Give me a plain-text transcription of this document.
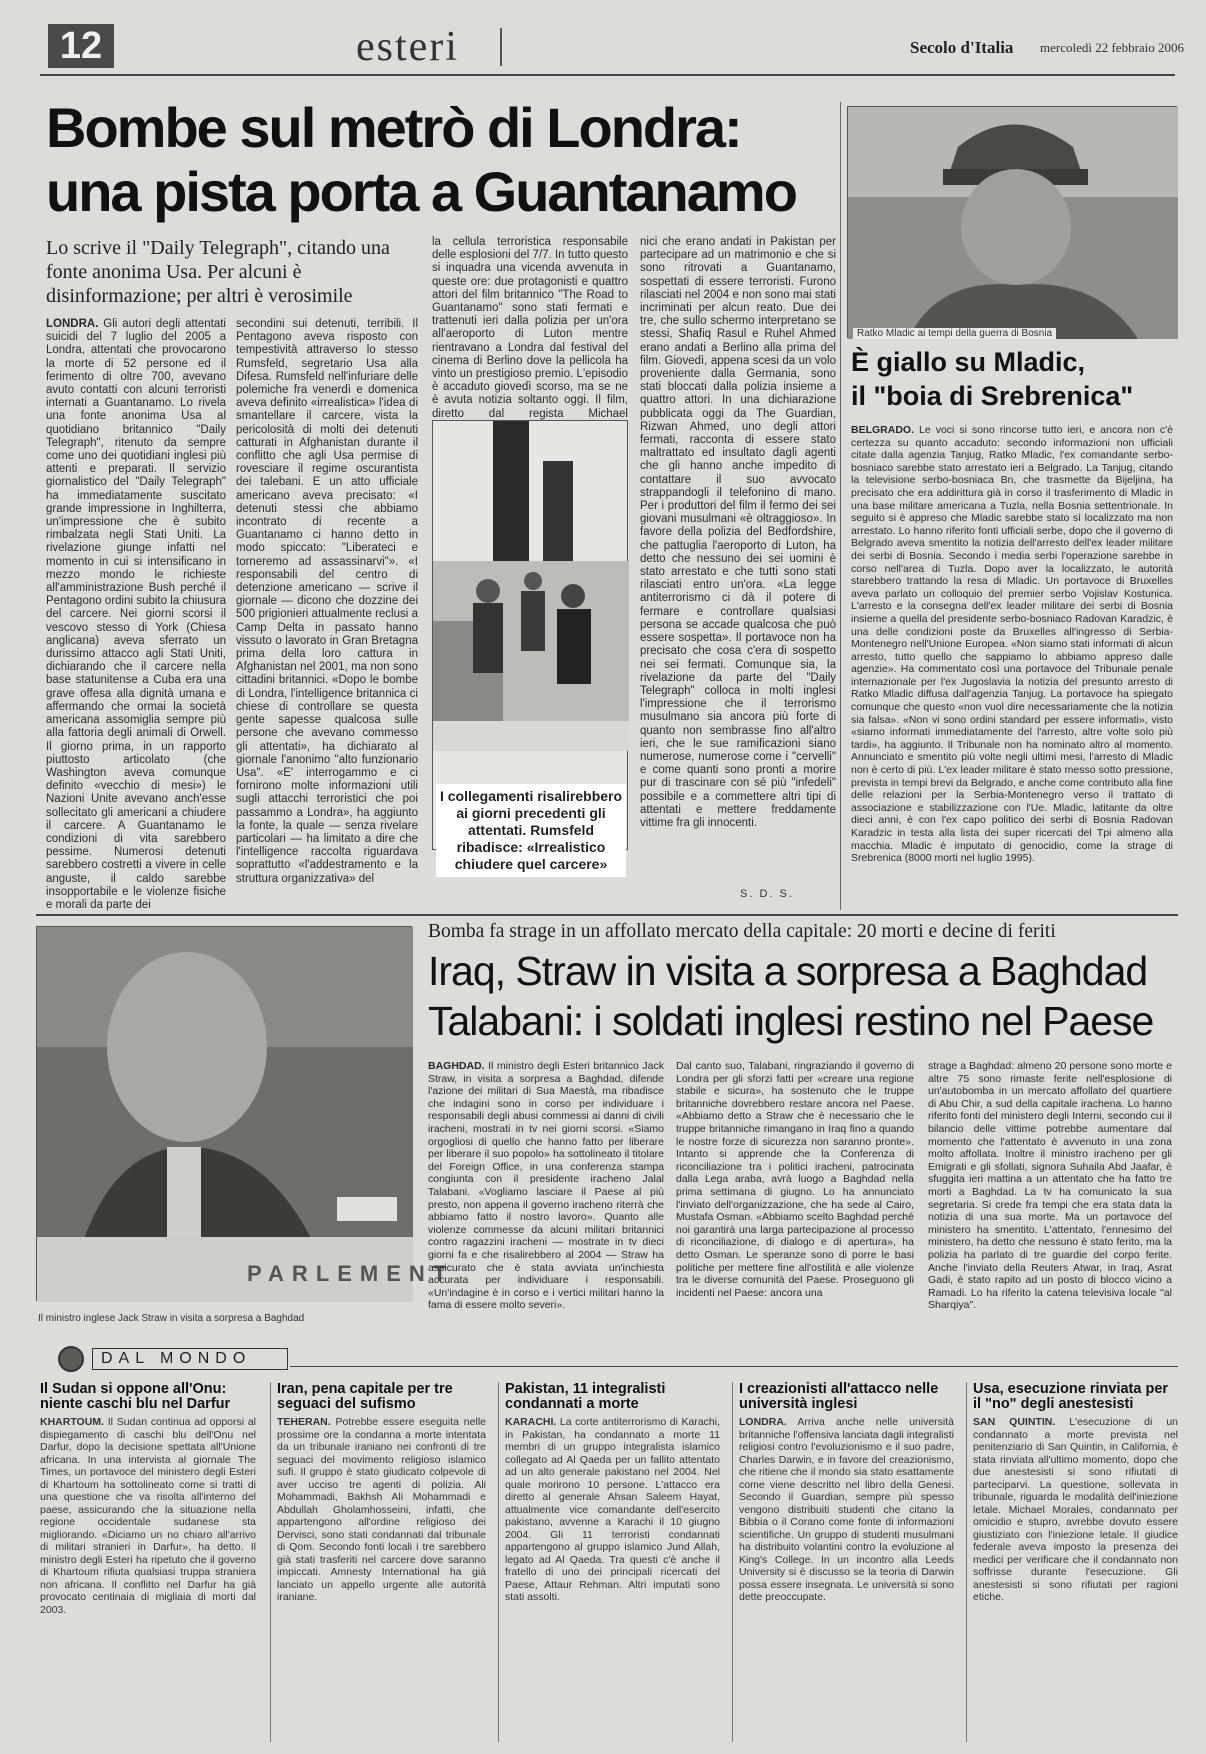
12	esteri	Secolo d'Italia mercoledì 22 febbraio 2006
Bombe sul metrò di Londra:
una pista porta a Guantanamo
Lo scrive il "Daily Telegraph", citando una fonte anonima Usa. Per alcuni è disinformazione; per altri è verosimile
LONDRA. Gli autori degli attentati suicidi del 7 luglio del 2005 a Londra, attentati che provocarono la morte di 52 persone ed il ferimento di oltre 700, avevano avuto contatti con alcuni terroristi internati a Guantanamo. Lo rivela una fonte anonima Usa al quotidiano britannico "Daily Telegraph", ritenuto da sempre come uno dei quotidiani inglesi più attenti e preparati. Il servizio giornalistico del "Daily Telegraph" ha immediatamente suscitato grande impressione in Inghilterra, un'impressione che è subito rimbalzata negli Stati Uniti. La rivelazione giunge infatti nel momento in cui si intensificano in mezzo mondo le richieste all'amministrazione Bush perché il Pentagono ordini subito la chiusura del carcere. Nei giorni scorsi il vescovo stesso di York (Chiesa anglicana) aveva sferrato un durissimo attacco agli Stati Uniti, dichiarando che il carcere nella base statunitense a Cuba era una grave offesa alla dignità umana e affermando che ormai la società americana assomiglia sempre più alla fattoria degli animali di Orwell. Il giorno prima, in un rapporto piuttosto articolato (che Washington aveva comunque definito «vecchio di mesi») le Nazioni Unite avevano anch'esse sollecitato gli americani a chiudere il carcere. A Guantanamo le condizioni di vita sarebbero pessime. Numerosi detenuti sarebbero costretti a vivere in celle anguste, il caldo sarebbe insopportabile e le violenze fisiche e morali da parte dei
secondini sui detenuti, terribili. Il Pentagono aveva risposto con tempestività attraverso lo stesso Rumsfeld, segretario Usa alla Difesa. Rumsfeld nell'infuriare delle polemiche fra venerdì e domenica aveva definito «irrealistica» l'idea di smantellare il carcere, vista la pericolosità di molti dei detenuti catturati in Afghanistan durante il conflitto che agli Usa permise di rovesciare il regime oscurantista dei talebani. E un atto ufficiale americano aveva precisato: «I detenuti stessi che abbiamo incontrato di recente a Guantanamo ci hanno detto in modo spiccato: "Liberateci e torneremo ad assassinarvi"». «I responsabili del centro di detenzione americano — scrive il giornale — dicono che dozzine dei 500 prigionieri attualmente reclusi a Camp Delta in passato hanno vissuto o lavorato in Gran Bretagna prima della loro cattura in Afghanistan nel 2001, ma non sono cittadini britannici. «Dopo le bombe di Londra, l'intelligence britannica ci chiese di controllare se questa gente sapesse qualcosa sulle persone che avevano commesso gli attentati», ha dichiarato al giornale l'anonimo "alto funzionario Usa". «E' interrogammo e ci fornirono molte informazioni utili sugli attacchi terroristici che poi passammo a Londra», ha aggiunto la fonte, la quale — senza rivelare particolari — ha limitato a dire che l'intelligence raccolta riguardava soprattutto «l'addestramento e la struttura organizzativa» del
la cellula terroristica responsabile delle esplosioni del 7/7. In tutto questo si inquadra una vicenda avvenuta in queste ore: due protagonisti e quattro attori del film britannico "The Road to Guantanamo" sono stati fermati e trattenuti ieri dalla polizia per un'ora all'aeroporto di Luton mentre rientravano a Londra dal festival del cinema di Berlino dove la pellicola ha vinto un prestigioso premio. L'episodio è accaduto giovedì scorso, ma se ne è avuta notizia soltanto oggi. Il film, diretto dal regista Michael
I collegamenti risalirebbero ai giorni precedenti gli attentati. Rumsfeld ribadisce: «Irrealistico chiudere quel carcere»
nici che erano andati in Pakistan per partecipare ad un matrimonio e che si sono ritrovati a Guantanamo, sospettati di essere terroristi. Furono rilasciati nel 2004 e non sono mai stati incriminati per alcun reato. Due dei tre, che sullo schermo interpretano se stessi, Shafiq Rasul e Ruhel Ahmed erano andati a Berlino alla prima del film. Giovedì, appena scesi da un volo proveniente dalla Germania, sono stati bloccati dalla polizia insieme a quattro attori. In una dichiarazione pubblicata oggi da The Guardian, Rizwan Ahmed, uno degli attori fermati, racconta di essere stato maltrattato ed insultato dagli agenti che gli hanno anche impedito di contattare il suo avvocato strappandogli il telefonino di mano. Per i produttori del film il fermo dei sei giovani musulmani «è oltraggioso». In favore della polizia del Bedfordshire, che pattuglia l'aeroporto di Luton, ha detto che nessuno dei sei uomini è stato arrestato e che tutti sono stati rilasciati entro un'ora. «La legge antiterrorismo ci dà il potere di fermare e controllare qualsiasi persona se accade qualcosa che può essere sospetta». Il portavoce non ha precisato che cosa c'era di sospetto nei sei fermati. Comunque sia, la rivelazione da parte del "Daily Telegraph" colloca in molti inglesi l'impressione che il terrorismo musulmano sia ancora più forte di quanto non sembrasse fino all'altro ieri, che le sue ramificazioni siano numerose, numerose come i "cervelli" e come quanti sono pronti a morire pur di trascinare con sé più "infedeli" possibile e a commettere altri tipi di attentati e mettere freddamente vittime fra gli innocenti.
S. D. S.
Ratko Mladic ai tempi della guerra di Bosnia
È giallo su Mladic,
il "boia di Srebrenica"
BELGRADO. Le voci si sono rincorse tutto ieri, e ancora non c'è certezza su quanto accaduto: secondo informazioni non ufficiali citate dalla agenzia Tanjug, Ratko Mladic, l'ex comandante serbo-bosniaco sarebbe stato arrestato ieri a Belgrado. La Tanjug, citando la televisione serbo-bosniaca Bn, che trasmette da Bijeljina, ha precisato che era addirittura già in corso il trasferimento di Mladic in una base militare americana a Tuzla, nella Bosnia settentrionale. In seguito si è appreso che Mladic sarebbe stato sì localizzato ma non arrestato. Lo hanno riferito fonti ufficiali serbe, dopo che il governo di Belgrado aveva smentito la notizia dell'arresto dell'ex leader militare dei serbi di Bosnia. Secondo i media serbi l'operazione sarebbe in corso nell'area di Tuzla. Dopo aver la localizzato, le autorità starebbero trattando la resa di Mladic. Un portavoce di Bruxelles aveva parlato un colloquio del premier serbo Vojislav Kostunica. L'arresto e la consegna dell'ex leader militare dei serbi di Bosnia insieme a quella del presidente serbo-bosniaco Radovan Karadzic, è una delle condizioni poste da Bruxelles all'ingresso di Serbia-Montenegro nell'Unione Europea. «Non siamo stati informati di alcun arresto, tutto quello che sappiamo lo abbiamo appreso dalle agenzie». Ha commentato così una portavoce del Tribunale penale internazionale per l'ex Jugoslavia la notizia del presunto arresto di Ratko Mladic diffusa dall'agenzia Tanjug. La portavoce ha spiegato comunque che questo «non vuol dire necessariamente che la notizia sia falsa». «Non vi sono ordini standard per essere informati», visto «siamo informati immediatamente del l'arresto, altre volte solo più tardi», ha aggiunto. Il Tribunale non ha nominato altro al momento. Annunciato e smentito più volte negli ultimi mesi, l'arresto di Mladic non è certo di più. L'ex leader militare è stato messo sotto pressione, prevista in tempi brevi da Belgrado, e anche come contributo alla fine delle relazioni per la Serbia-Montenegro verso il trattato di associazione e stabilizzazione con l'Ue. Mladic, latitante da oltre dieci anni, è con l'ex capo politico dei serbi di Bosnia Radovan Karadzic in testa alla lista dei super ricercati del Tpi almeno alla macchia. Mladic è imputato di genocidio, come la strage di Srebrenica (8000 morti nel luglio 1995).
PARLEMENT
Il ministro inglese Jack Straw in visita a sorpresa a Baghdad
Bomba fa strage in un affollato mercato della capitale: 20 morti e decine di feriti
Iraq, Straw in visita a sorpresa a Baghdad
Talabani: i soldati inglesi restino nel Paese
BAGHDAD. Il ministro degli Esteri britannico Jack Straw, in visita a sorpresa a Baghdad, difende l'azione dei militari di Sua Maestà, ma ribadisce che indagini sono in corso per individuare i responsabili degli abusi commessi ai danni di civili iracheni, mostrati in tv nei giorni scorsi. «Siamo orgogliosi di quello che hanno fatto per liberare per liberare il suo popolo» ha sottolineato il titolare del Foreign Office, in una conferenza stampa congiunta con il presidente iracheno Jalal Talabani. «Vogliamo lasciare il Paese al più presto, non appena il governo iracheno riterrà che abbiamo fatto il nostro lavoro». Quanto alle violenze commesse da alcuni militari britannici contro ragazzini iracheni — mostrate in tv dieci giorni fa e che risalirebbero al 2004 — Straw ha assicurato che è stata avviata un'inchiesta accurata per individuare i responsabili. «Un'indagine è in corso e i vertici militari hanno la fama di essere molto severi».
Dal canto suo, Talabani, ringraziando il governo di Londra per gli sforzi fatti per «creare una regione stabile e sicura», ha sostenuto che le truppe britanniche dovrebbero restare ancora nel Paese. «Abbiamo detto a Straw che è necessario che le truppe britanniche rimangano in Iraq fino a quando le nostre forze di sicurezza non saranno pronte». Intanto si apprende che la Conferenza di riconciliazione tra i politici iracheni, patrocinata dalla Lega araba, avrà luogo a Baghdad nella prima settimana di giugno. Lo ha annunciato l'inviato dell'organizzazione, che ha sede al Cairo, Mustafa Osman. «Abbiamo scelto Baghdad perché noi garantirà una larga partecipazione al processo di riconciliazione, di dialogo e di apertura», ha detto Osman. Le speranze sono di porre le basi politiche per mettere fine all'ostilità e alle violenze tra le diverse comunità del Paese. Proseguono gli incidenti nel Paese: ancora una
strage a Baghdad: almeno 20 persone sono morte e altre 75 sono rimaste ferite nell'esplosione di un'autobomba in un mercato affollato del quartiere di Abu Chir, a sud della capitale irachena. Lo hanno riferito fonti del ministero degli Interni, secondo cui il bilancio delle vittime potrebbe aumentare dal momento che l'attentato è avvenuto in una zona molto affollata. Inoltre il ministro iracheno per gli Emigrati e gli sfollati, signora Suhaila Abd Jaafar, è sfuggita ieri mattina a un attentato che ha fatto tre morti a Baghdad. La tv ha comunicato la sua segretaria. Si crede fra tempi che era stata data la notizia di una sua morte. Ma un portavoce del ministero ha smentito. L'attentato, l'ennesimo del ministero, ha detto che nessuno è stato ferito, ma la polizia ha parlato di tre guardie del corpo ferite. Anche l'inviato della Reuters Atwar, in Iraq, Asrat Gadi, è stato rapito ad un posto di blocco vicino a Ramadi. Lo ha riferito la catena televisiva locale "al Sharqiya".
DAL MONDO
Il Sudan si oppone all'Onu: niente caschi blu nel Darfur

KHARTOUM. Il Sudan continua ad opporsi al dispiegamento di caschi blu dell'Onu nel Darfur, dopo la decisione spettata all'Unione africana. In una intervista al giornale The Times, un portavoce del ministero degli Esteri di Khartoum ha sottolineato come si tratti di una questione che va risolta all'interno del paese, assicurando che la situazione nella regione occidentale sudanese sta migliorando. «Diciamo un no chiaro all'arrivo di militari stranieri in Darfur», ha detto. Il ministro degli Esteri ha ripetuto che il governo di Khartoum rifiuta qualsiasi truppa straniera non africana. Il conflitto nel Darfur ha già provocato centinaia di migliaia di morti dal 2003.

Iran, pena capitale per tre seguaci del sufismo

TEHERAN. Potrebbe essere eseguita nelle prossime ore la condanna a morte intentata da un tribunale iraniano nei confronti di tre seguaci del movimento religioso islamico sufi. Il gruppo è stato giudicato colpevole di aver ucciso tre agenti di polizia. Ali Mohammadi, Bakhsh Ali Mohammadi e Abdullah Gholamhosseini, infatti, che appartengono all'ordine religioso dei Dervisci, sono stati condannati dal tribunale di Qom. Secondo fonti locali i tre sarebbero già stati trasferiti nel carcere dove saranno impiccati. Amnesty International ha già lanciato un appello urgente alle autorità iraniane.

Pakistan, 11 integralisti condannati a morte

KARACHI. La corte antiterrorismo di Karachi, in Pakistan, ha condannato a morte 11 membri di un gruppo integralista islamico collegato ad Al Qaeda per un fallito attentato ad un alto generale pakistano nel 2004. Nel quale morirono 10 persone. L'attacco era diretto al generale Ahsan Saleem Hayat, attualmente vice comandante dell'esercito pakistano, avvenne a Karachi il 10 giugno 2004. Gli 11 terroristi condannati appartengono al gruppo islamico Jund Allah, legato ad Al Qaeda. Tra questi c'è anche il fratello di uno dei principali ricercati del Paese, Attaur Rehman. Altri imputati sono stati assolti.

I creazionisti all'attacco nelle università inglesi

LONDRA. Arriva anche nelle università britanniche l'offensiva lanciata dagli integralisti religiosi contro l'evoluzionismo e il suo padre, Charles Darwin, e in favore del creazionismo, che ritiene che il mondo sia stato esattamente come viene descritto nel libro della Genesi. Secondo il Guardian, sempre più spesso vengono distribuiti studenti che citano la Bibbia o il Corano come fonte di informazioni scientifiche. Un gruppo di studenti musulmani ha distribuito volantini contro la evoluzione al King's College. In un incontro alla Leeds University si è discusso se la teoria di Darwin possa essere insegnata. Le università si sono dette preoccupate.

Usa, esecuzione rinviata per il "no" degli anestesisti

SAN QUINTIN. L'esecuzione di un condannato a morte prevista nel penitenziario di San Quintin, in California, è stata rinviata all'ultimo momento, dopo che due anestesisti si sono rifiutati di parteciparvi. La questione, sollevata in tribunale, riguarda le modalità dell'iniezione letale. Michael Morales, condannato per omicidio e stupro, avrebbe dovuto essere giustiziato con l'iniezione letale. Il giudice federale aveva imposto la presenza dei medici per verificare che il condannato non soffrisse durante l'esecuzione. Gli anestesisti si sono rifiutati per ragioni etiche.
